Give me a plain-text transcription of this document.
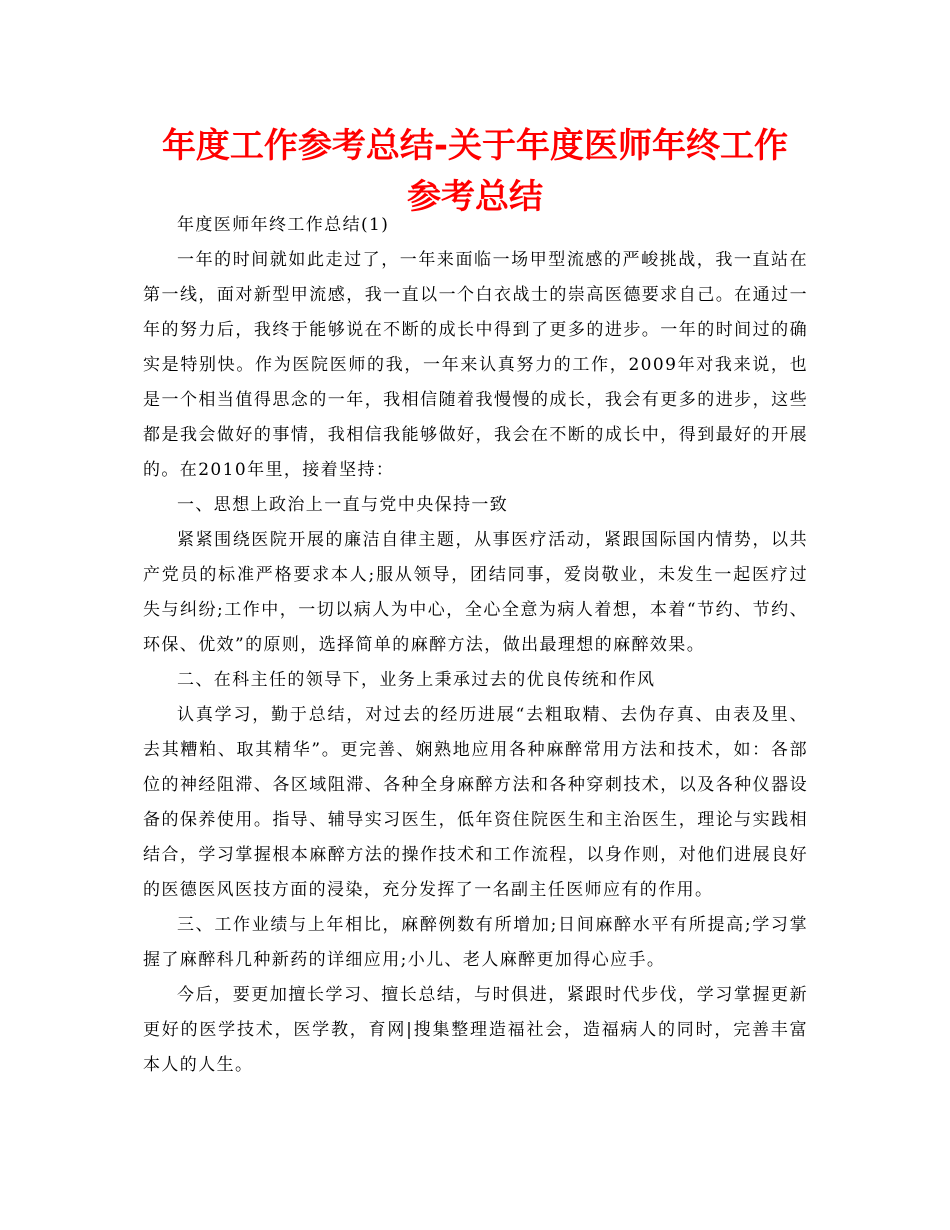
年度工作参考总结-关于年度医师年终工作参考总结

年度医师年终工作总结(1)

一年的时间就如此走过了，一年来面临一场甲型流感的严峻挑战，我一直站在第一线，面对新型甲流感，我一直以一个白衣战士的崇高医德要求自己。在通过一年的努力后，我终于能够说在不断的成长中得到了更多的进步。一年的时间过的确实是特别快。作为医院医师的我，一年来认真努力的工作，2009年对我来说，也是一个相当值得思念的一年，我相信随着我慢慢的成长，我会有更多的进步，这些都是我会做好的事情，我相信我能够做好，我会在不断的成长中，得到最好的开展的。在2010年里，接着坚持：

一、思想上政治上一直与党中央保持一致

紧紧围绕医院开展的廉洁自律主题，从事医疗活动，紧跟国际国内情势，以共产党员的标准严格要求本人;服从领导，团结同事，爱岗敬业，未发生一起医疗过失与纠纷;工作中，一切以病人为中心，全心全意为病人着想，本着“节约、节约、环保、优效”的原则，选择简单的麻醉方法，做出最理想的麻醉效果。

二、在科主任的领导下，业务上秉承过去的优良传统和作风

认真学习，勤于总结，对过去的经历进展“去粗取精、去伪存真、由表及里、去其糟粕、取其精华”。更完善、娴熟地应用各种麻醉常用方法和技术，如：各部位的神经阻滞、各区域阻滞、各种全身麻醉方法和各种穿刺技术，以及各种仪器设备的保养使用。指导、辅导实习医生，低年资住院医生和主治医生，理论与实践相结合，学习掌握根本麻醉方法的操作技术和工作流程，以身作则，对他们进展良好的医德医风医技方面的浸染，充分发挥了一名副主任医师应有的作用。

三、工作业绩与上年相比，麻醉例数有所增加;日间麻醉水平有所提高;学习掌握了麻醉科几种新药的详细应用;小儿、老人麻醉更加得心应手。

今后，要更加擅长学习、擅长总结，与时俱进，紧跟时代步伐，学习掌握更新更好的医学技术，医学教，育网|搜集整理造福社会，造福病人的同时，完善丰富本人的人生。
